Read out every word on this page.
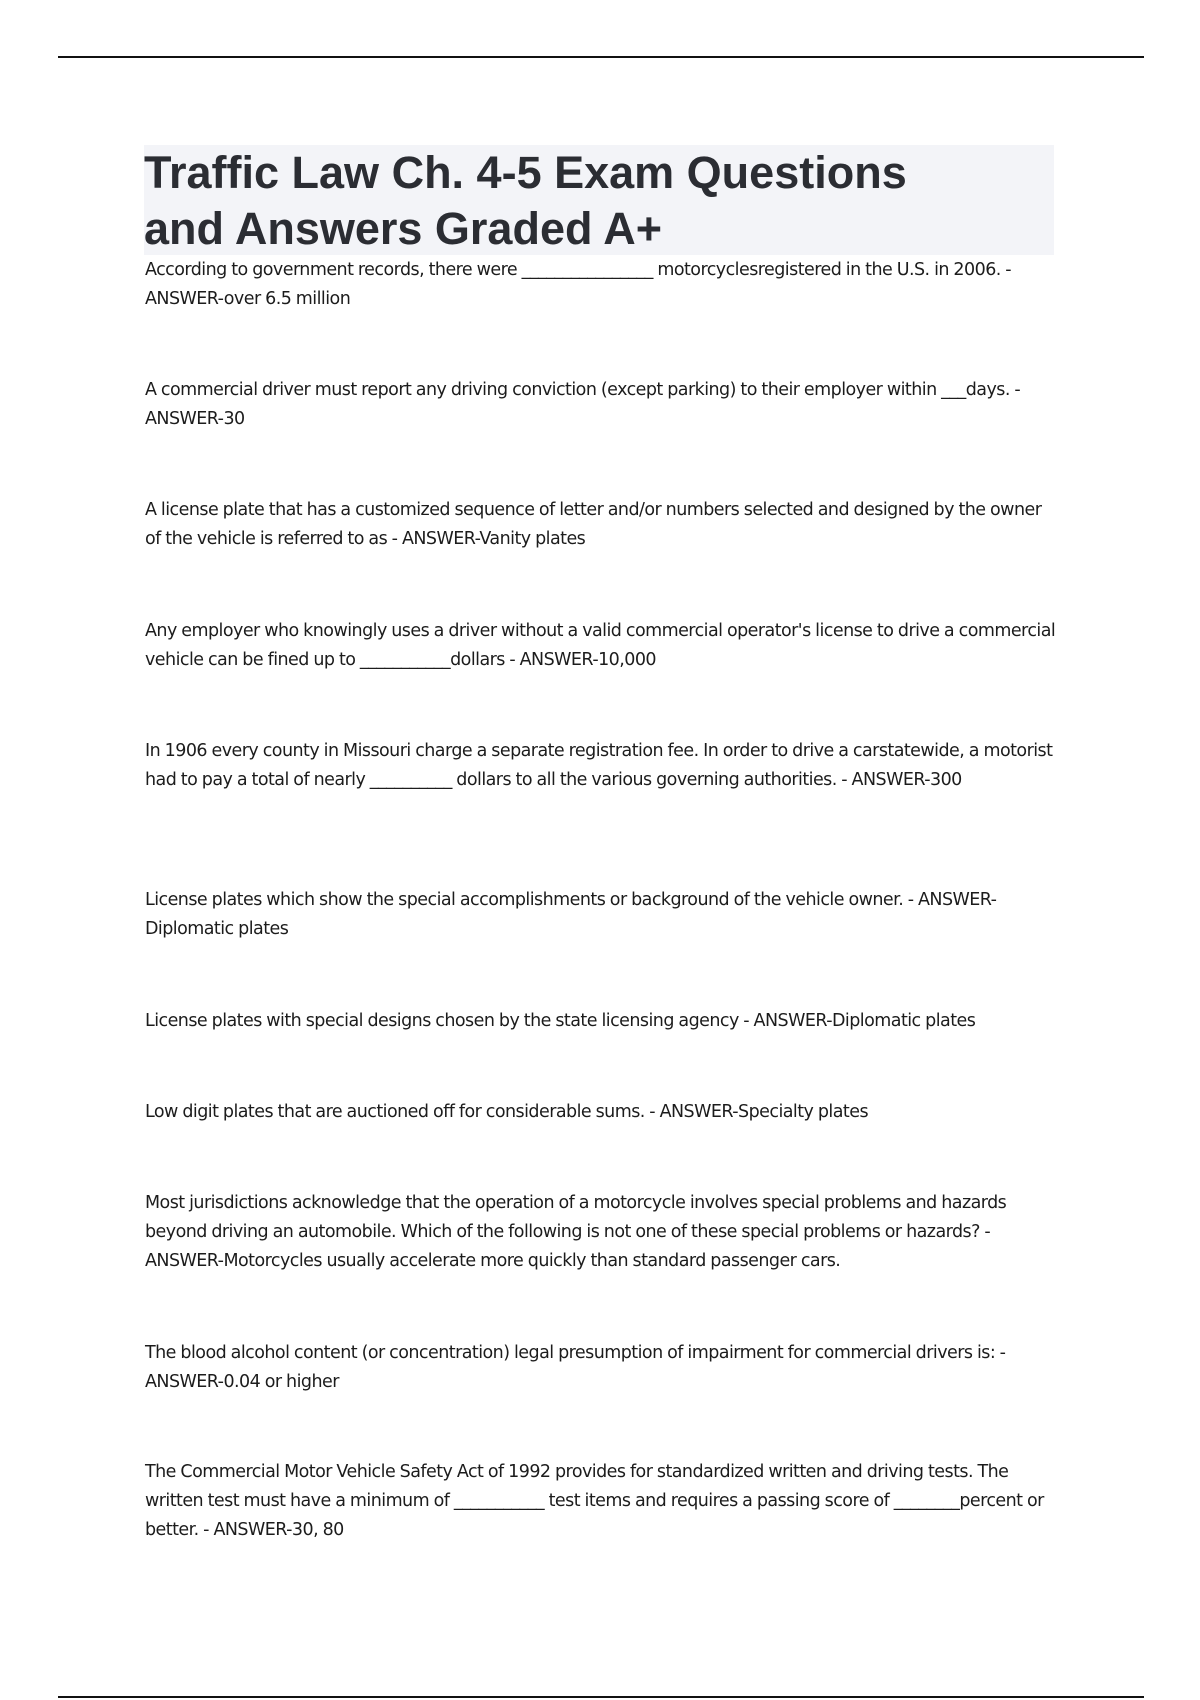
Traffic Law Ch. 4-5 Exam Questions
and Answers Graded A+

According to government records, there were ________________ motorcyclesregistered in the U.S. in 2006. - ANSWER-over 6.5 million

A commercial driver must report any driving conviction (except parking) to their employer within ___days. - ANSWER-30

A license plate that has a customized sequence of letter and/or numbers selected and designed by the owner of the vehicle is referred to as - ANSWER-Vanity plates

Any employer who knowingly uses a driver without a valid commercial operator's license to drive a commercial vehicle can be fined up to ___________dollars - ANSWER-10,000

In 1906 every county in Missouri charge a separate registration fee. In order to drive a carstatewide, a motorist had to pay a total of nearly __________ dollars to all the various governing authorities. - ANSWER-300

License plates which show the special accomplishments or background of the vehicle owner. - ANSWER-Diplomatic plates

License plates with special designs chosen by the state licensing agency - ANSWER-Diplomatic plates

Low digit plates that are auctioned off for considerable sums. - ANSWER-Specialty plates

Most jurisdictions acknowledge that the operation of a motorcycle involves special problems and hazards beyond driving an automobile. Which of the following is not one of these special problems or hazards? - ANSWER-Motorcycles usually accelerate more quickly than standard passenger cars.

The blood alcohol content (or concentration) legal presumption of impairment for commercial drivers is: - ANSWER-0.04 or higher

The Commercial Motor Vehicle Safety Act of 1992 provides for standardized written and driving tests. The written test must have a minimum of ___________ test items and requires a passing score of ________percent or better. - ANSWER-30, 80
